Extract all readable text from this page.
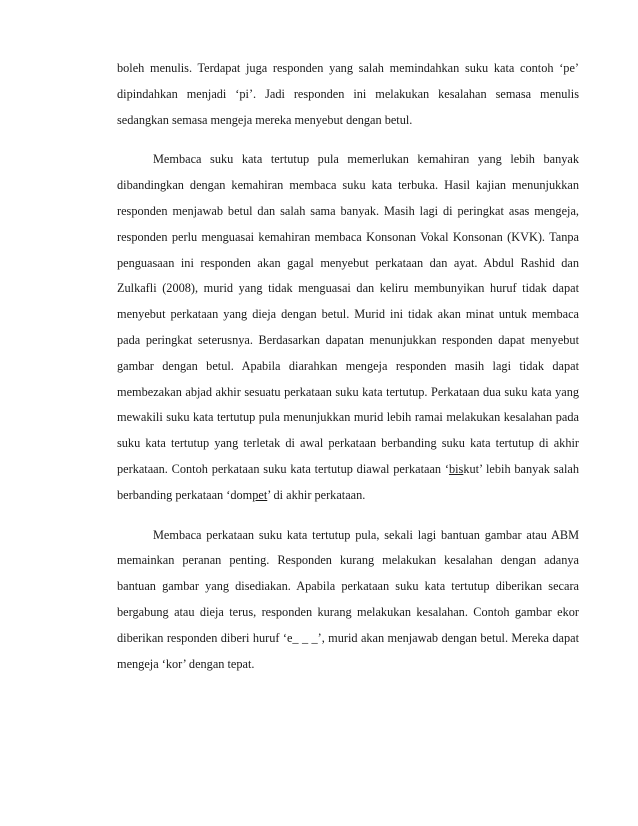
boleh menulis. Terdapat juga responden yang salah memindahkan suku kata contoh ‘pe’ dipindahkan menjadi ‘pi’. Jadi responden ini melakukan kesalahan semasa menulis sedangkan semasa mengeja mereka menyebut dengan betul.

Membaca suku kata tertutup pula memerlukan kemahiran yang lebih banyak dibandingkan dengan kemahiran membaca suku kata terbuka. Hasil kajian menunjukkan responden menjawab betul dan salah sama banyak. Masih lagi di peringkat asas mengeja, responden perlu menguasai kemahiran membaca Konsonan Vokal Konsonan (KVK). Tanpa penguasaan ini responden akan gagal menyebut perkataan dan ayat. Abdul Rashid dan Zulkafli (2008), murid yang tidak menguasai dan keliru membunyikan huruf tidak dapat menyebut perkataan yang dieja dengan betul. Murid ini tidak akan minat untuk membaca pada peringkat seterusnya. Berdasarkan dapatan menunjukkan responden dapat menyebut gambar dengan betul. Apabila diarahkan mengeja responden masih lagi tidak dapat membezakan abjad akhir sesuatu perkataan suku kata tertutup. Perkataan dua suku kata yang mewakili suku kata tertutup pula menunjukkan murid lebih ramai melakukan kesalahan pada suku kata tertutup yang terletak di awal perkataan berbanding suku kata tertutup di akhir perkataan. Contoh perkataan suku kata tertutup diawal perkataan ‘biskut’ lebih banyak salah berbanding perkataan ‘dompet’ di akhir perkataan.

Membaca perkataan suku kata tertutup pula, sekali lagi bantuan gambar atau ABM memainkan peranan penting. Responden kurang melakukan kesalahan dengan adanya bantuan gambar yang disediakan. Apabila perkataan suku kata tertutup diberikan secara bergabung atau dieja terus, responden kurang melakukan kesalahan. Contoh gambar ekor diberikan responden diberi huruf ‘e_ _ _’, murid akan menjawab dengan betul. Mereka dapat mengeja ‘kor’ dengan tepat.
